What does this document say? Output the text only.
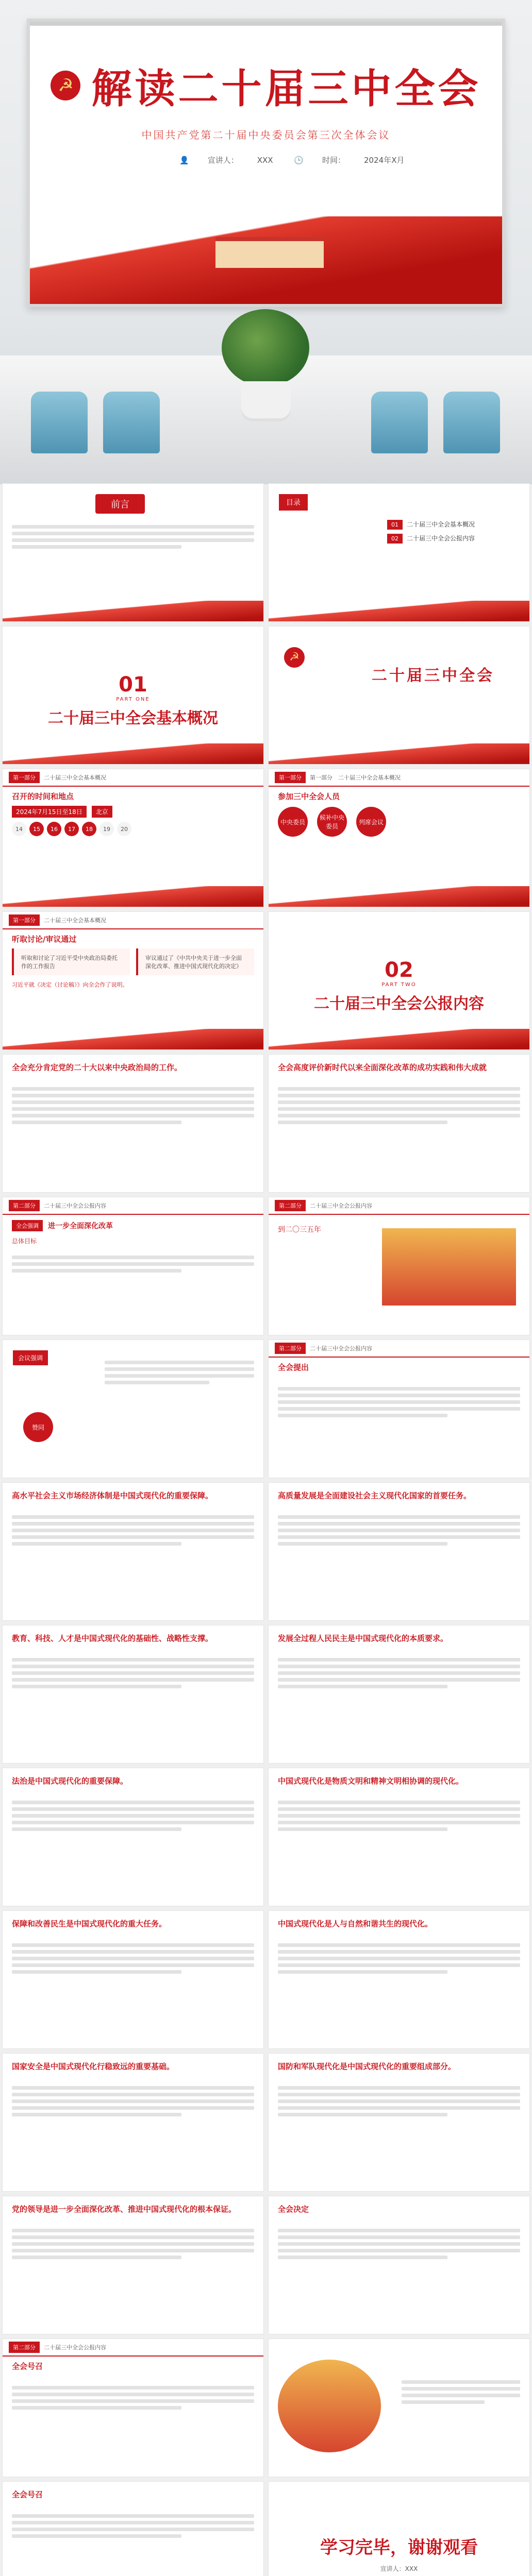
☭ 解读二十届三中全会
中国共产党第二十届中央委员会第三次全体会议
👤 宣讲人： XXX	🕒 时间： 2024年X月
前言	目录
01 二十届三中全会基本概况
02 二十届三中全会公报内容
01
PART ONE
二十届三中全会基本概况
☭
二十届三中全会
第一部分	二十届三中全会基本概况
召开的时间和地点
2024年7月15日至18日	北京
14	15	16	17	18	19	20
第一部分	第一部分　二十届三中全会基本概况
参加三中全会人员
中央委员
候补中央委员
列席会议
第一部分	二十届三中全会基本概况
听取讨论/审议通过
听取和讨论了习近平受中央政治局委托作的工作报告
审议通过了《中共中央关于进一步全面深化改革、推进中国式现代化的决定》
习近平就《决定（讨论稿）》向全会作了说明。
02
PART TWO
二十届三中全会公报内容
全会充分肯定党的二十大以来中央政治局的工作。	全会高度评价新时代以来全面深化改革的成功实践和伟大成就
第二部分	二十届三中全会公报内容
全会强调	进一步全面深化改革
总体目标
第二部分	二十届三中全会公报内容
到二〇三五年
会议强调
赞同
第二部分	二十届三中全会公报内容
全会提出
高水平社会主义市场经济体制是中国式现代化的重要保障。	高质量发展是全面建设社会主义现代化国家的首要任务。
教育、科技、人才是中国式现代化的基础性、战略性支撑。	发展全过程人民民主是中国式现代化的本质要求。
法治是中国式现代化的重要保障。	中国式现代化是物质文明和精神文明相协调的现代化。
保障和改善民生是中国式现代化的重大任务。	中国式现代化是人与自然和谐共生的现代化。
国家安全是中国式现代化行稳致远的重要基础。	国防和军队现代化是中国式现代化的重要组成部分。
党的领导是进一步全面深化改革、推进中国式现代化的根本保证。	全会决定
第二部分	二十届三中全会公报内容
全会号召
全会号召
学习完毕，谢谢观看
宣讲人：XXX
